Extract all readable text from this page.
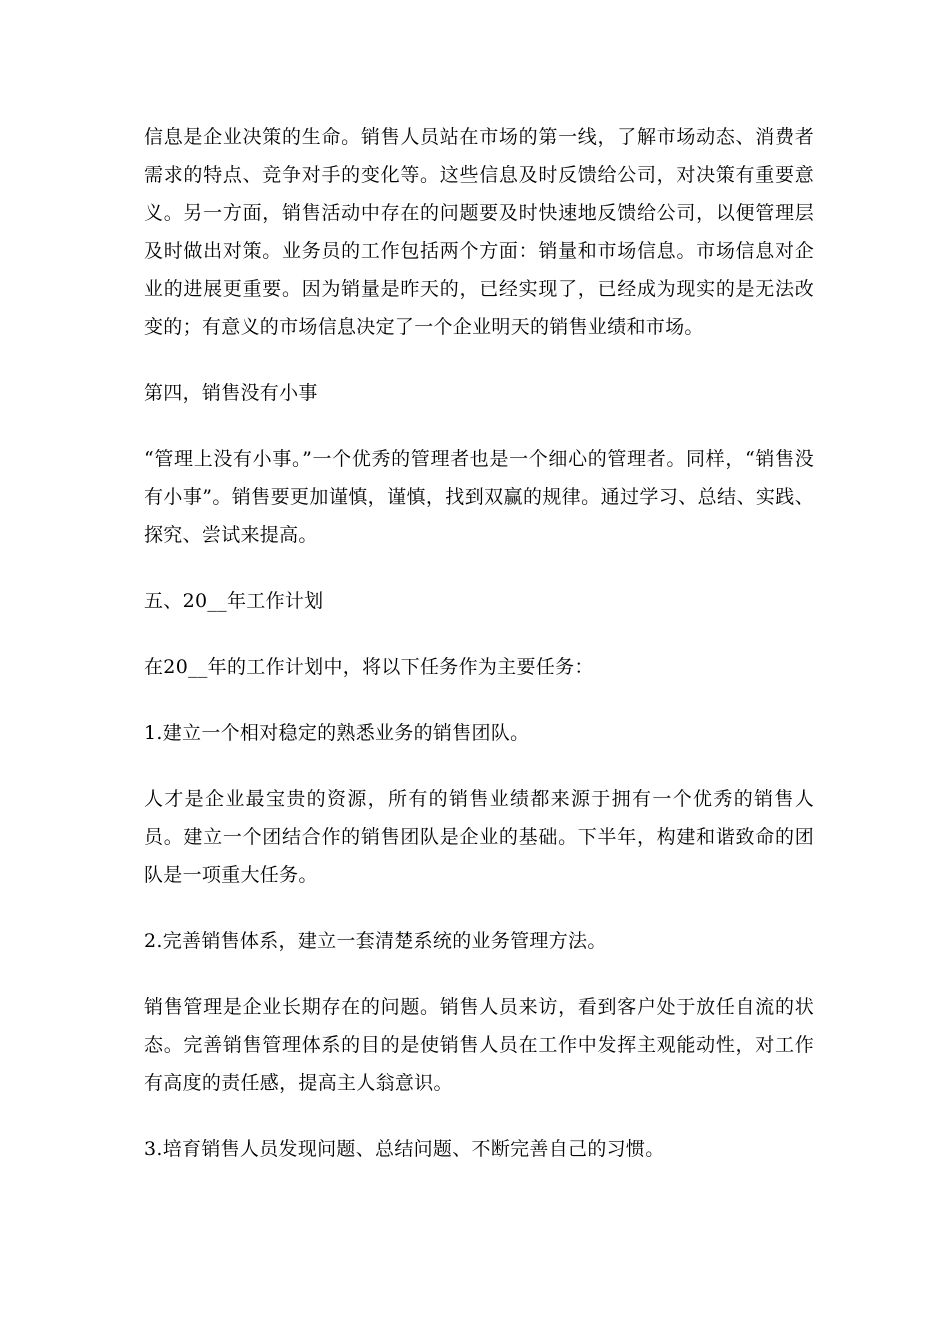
信息是企业决策的生命。销售人员站在市场的第一线，了解市场动态、消费者需求的特点、竞争对手的变化等。这些信息及时反馈给公司，对决策有重要意义。另一方面，销售活动中存在的问题要及时快速地反馈给公司，以便管理层及时做出对策。业务员的工作包括两个方面：销量和市场信息。市场信息对企业的进展更重要。因为销量是昨天的，已经实现了，已经成为现实的是无法改变的；有意义的市场信息决定了一个企业明天的销售业绩和市场。

第四，销售没有小事

“管理上没有小事。”一个优秀的管理者也是一个细心的管理者。同样，“销售没有小事”。销售要更加谨慎，谨慎，找到双赢的规律。通过学习、总结、实践、探究、尝试来提高。

五、20__年工作计划

在20__年的工作计划中，将以下任务作为主要任务：

1.建立一个相对稳定的熟悉业务的销售团队。

人才是企业最宝贵的资源，所有的销售业绩都来源于拥有一个优秀的销售人员。建立一个团结合作的销售团队是企业的基础。下半年，构建和谐致命的团队是一项重大任务。

2.完善销售体系，建立一套清楚系统的业务管理方法。

销售管理是企业长期存在的问题。销售人员来访，看到客户处于放任自流的状态。完善销售管理体系的目的是使销售人员在工作中发挥主观能动性，对工作有高度的责任感，提高主人翁意识。

3.培育销售人员发现问题、总结问题、不断完善自己的习惯。
